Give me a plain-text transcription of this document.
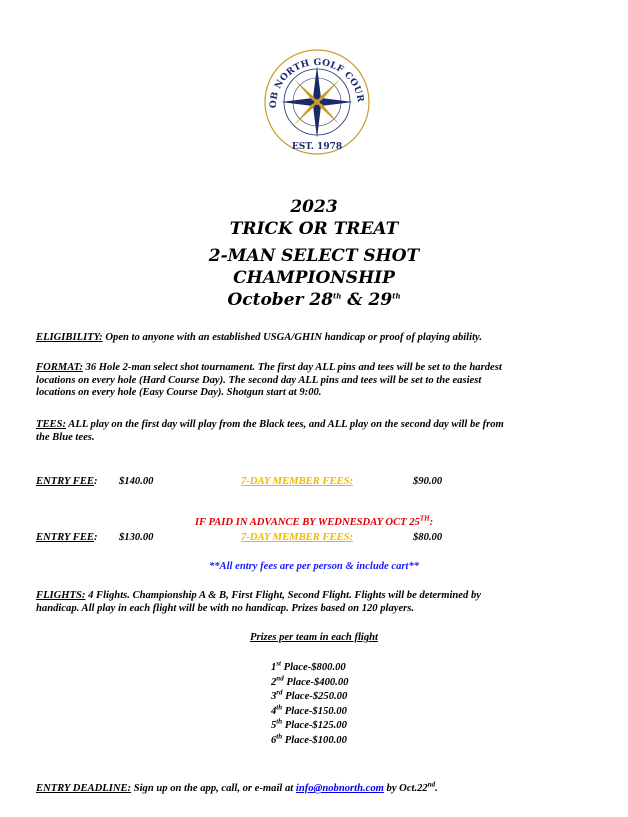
OB NORTH GOLF COUR
EST. 1978
2023
TRICK OR TREAT
2-MAN SELECT SHOT
CHAMPIONSHIP
October 28th & 29th
ELIGIBILITY: Open to anyone with an established USGA/GHIN handicap or proof of playing ability.
FORMAT: 36 Hole 2-man select shot tournament. The first day ALL pins and tees will be set to the hardest
locations on every hole (Hard Course Day). The second day ALL pins and tees will be set to the easiest
locations on every hole (Easy Course Day). Shotgun start at 9:00.
TEES: ALL play on the first day will play from the Black tees, and ALL play on the second day will be from
the Blue tees.
ENTRY FEE: $140.00	7-DAY MEMBER FEES:	$90.00
IF PAID IN ADVANCE BY WEDNESDAY OCT 25TH:
ENTRY FEE: $130.00	7-DAY MEMBER FEES:	$80.00
**All entry fees are per person & include cart**
FLIGHTS: 4 Flights. Championship A & B, First Flight, Second Flight. Flights will be determined by
handicap. All play in each flight will be with no handicap. Prizes based on 120 players.
Prizes per team in each flight
1st Place-$800.00
2nd Place-$400.00
3rd Place-$250.00
4th Place-$150.00
5th Place-$125.00
6th Place-$100.00
ENTRY DEADLINE: Sign up on the app, call, or e-mail at info@nobnorth.com by Oct.22nd.
